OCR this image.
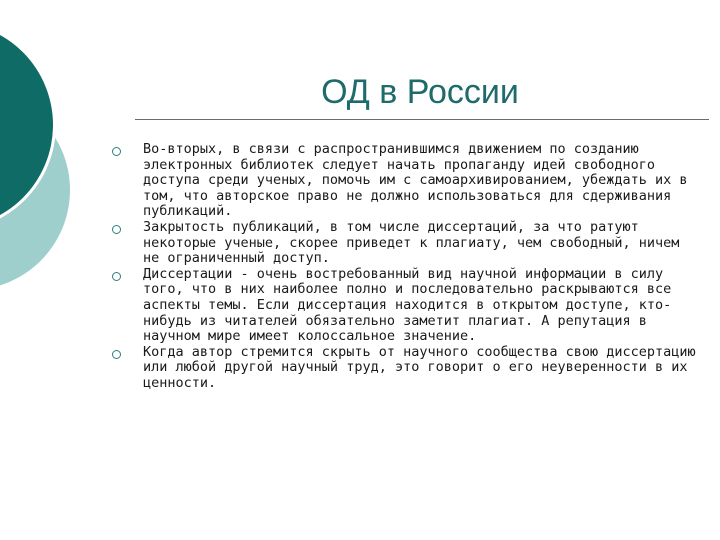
ОД в России
Во-вторых, в связи с распространившимся движением по созданию электронных библиотек следует начать пропаганду идей свободного доступа среди ученых, помочь им с самоархивированием, убеждать их в том, что авторское право не должно использоваться для сдерживания публикаций.
Закрытость публикаций, в том числе диссертаций, за что ратуют некоторые ученые, скорее приведет к плагиату, чем свободный, ничем не ограниченный доступ.
Диссертации - очень востребованный вид научной информации в силу того, что в них наиболее полно и последовательно раскрываются все аспекты темы. Если диссертация находится в открытом доступе, кто-нибудь из читателей обязательно заметит плагиат. А репутация в научном мире имеет колоссальное значение.
Когда автор стремится скрыть от научного сообщества свою диссертацию или любой другой научный труд, это говорит о его неуверенности в их ценности.
